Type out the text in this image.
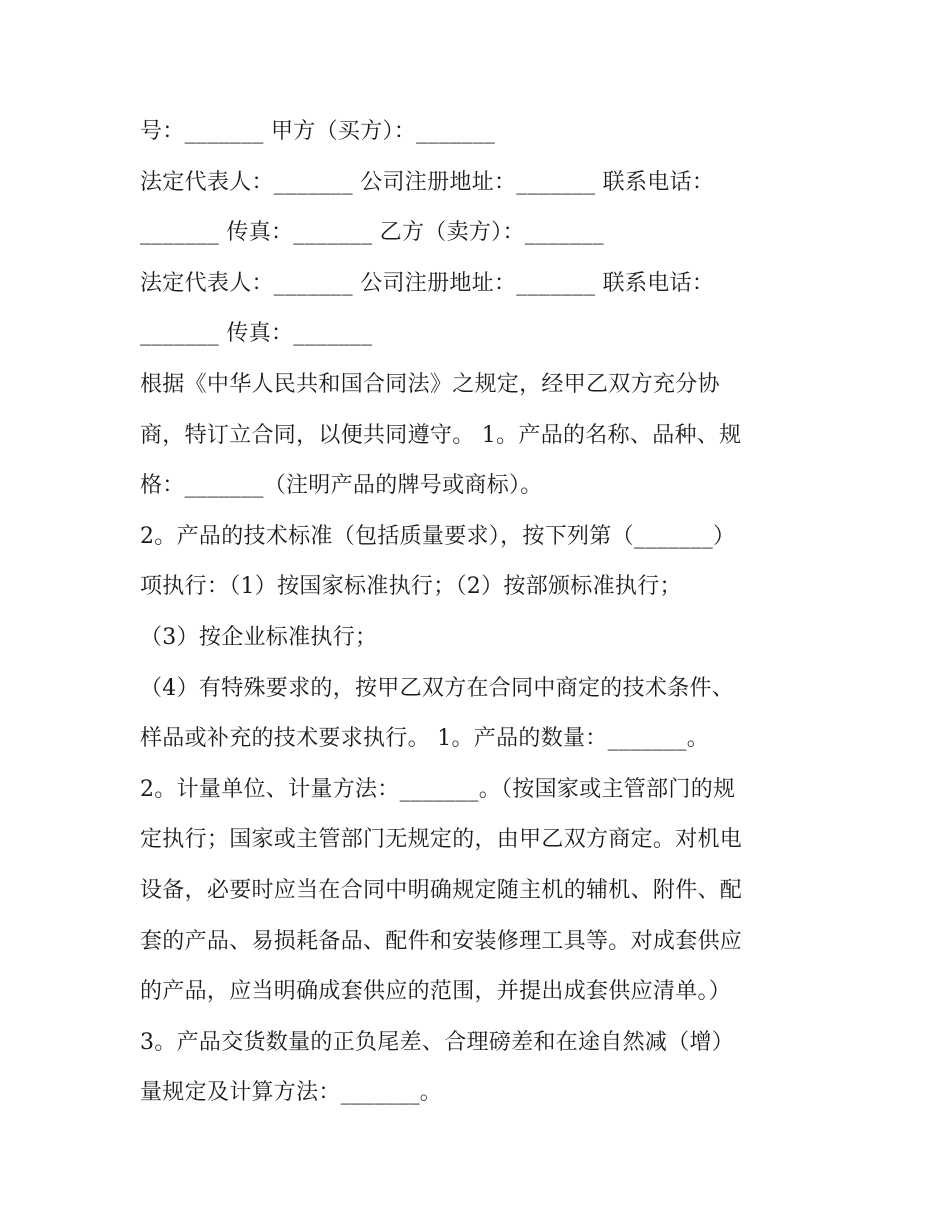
号：_______ 甲方（买方）：_______
法定代表人：_______ 公司注册地址：_______ 联系电话：
_______ 传真：_______ 乙方（卖方）：_______
法定代表人：_______ 公司注册地址：_______ 联系电话：
_______ 传真：_______
根据《中华人民共和国合同法》之规定，经甲乙双方充分协
商，特订立合同，以便共同遵守。 1。产品的名称、品种、规
格：_______（注明产品的牌号或商标）。
2。产品的技术标准（包括质量要求），按下列第（_______）
项执行：（1）按国家标准执行；（2）按部颁标准执行；
（3）按企业标准执行；
（4）有特殊要求的，按甲乙双方在合同中商定的技术条件、
样品或补充的技术要求执行。 1。产品的数量：_______。
2。计量单位、计量方法：_______。（按国家或主管部门的规
定执行；国家或主管部门无规定的，由甲乙双方商定。对机电
设备，必要时应当在合同中明确规定随主机的辅机、附件、配
套的产品、易损耗备品、配件和安装修理工具等。对成套供应
的产品，应当明确成套供应的范围，并提出成套供应清单。）
3。产品交货数量的正负尾差、合理磅差和在途自然减（增）
量规定及计算方法：_______。
